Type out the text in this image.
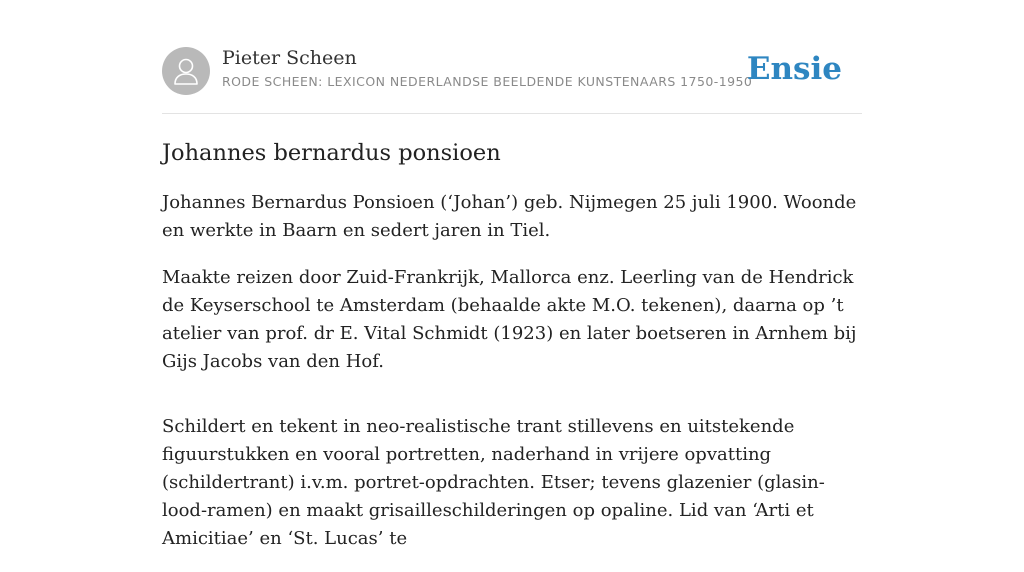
Pieter Scheen
RODE SCHEEN: LEXICON NEDERLANDSE BEELDENDE KUNSTENAARS 1750-1950
Ensie
Johannes bernardus ponsioen

Johannes Bernardus Ponsioen (‘Johan’) geb. Nijmegen 25 juli 1900. Woonde en werkte in Baarn en sedert jaren in Tiel.

Maakte reizen door Zuid-Frankrijk, Mallorca enz. Leerling van de Hendrick de Keyserschool te Amsterdam (behaalde akte M.O. tekenen), daarna op ’t atelier van prof. dr E. Vital Schmidt (1923) en later boetseren in Arnhem bij Gijs Jacobs van den Hof.

Schildert en tekent in neo-realistische trant stillevens en uitstekende figuurstukken en vooral portretten, naderhand in vrijere opvatting (schildertrant) i.v.m. portret-opdrachten. Etser; tevens glazenier (glasin-lood-ramen) en maakt grisailleschilderingen op opaline. Lid van ‘Arti et Amicitiae’ en ‘St. Lucas’ te
